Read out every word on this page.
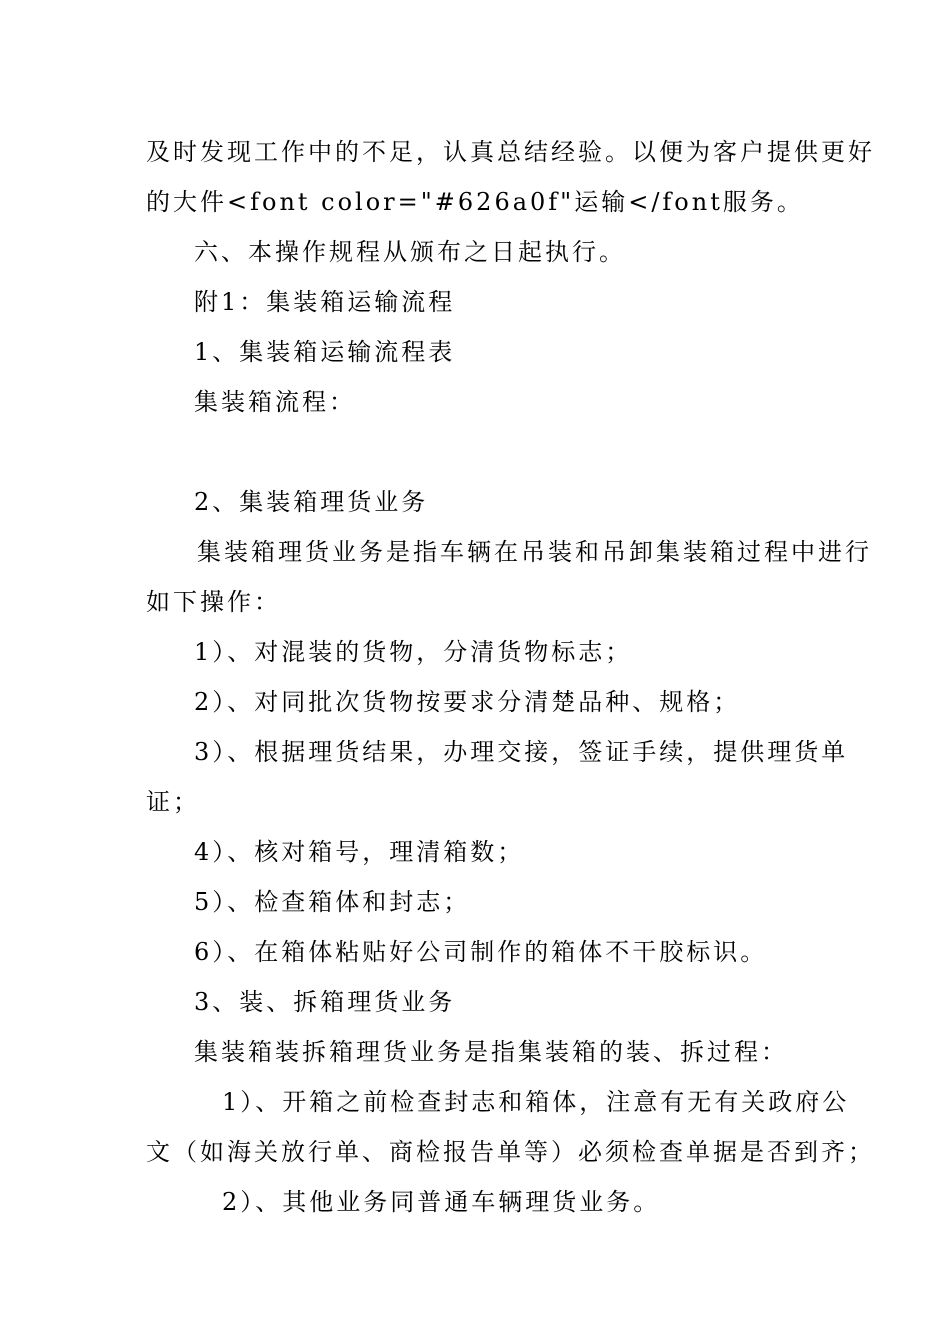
及时发现工作中的不足，认真总结经验。以便为客户提供更好
的大件<font color="#626a0f"运输</font服务。
六、本操作规程从颁布之日起执行。
附1：集装箱运输流程
1、集装箱运输流程表
集装箱流程：
2、集装箱理货业务
集装箱理货业务是指车辆在吊装和吊卸集装箱过程中进行
如下操作：
1）、对混装的货物，分清货物标志；
2）、对同批次货物按要求分清楚品种、规格；
3）、根据理货结果，办理交接，签证手续，提供理货单
证；
4）、核对箱号，理清箱数；
5）、检查箱体和封志；
6）、在箱体粘贴好公司制作的箱体不干胶标识。
3、装、拆箱理货业务
集装箱装拆箱理货业务是指集装箱的装、拆过程：
1）、开箱之前检查封志和箱体，注意有无有关政府公
文（如海关放行单、商检报告单等）必须检查单据是否到齐；
2）、其他业务同普通车辆理货业务。
